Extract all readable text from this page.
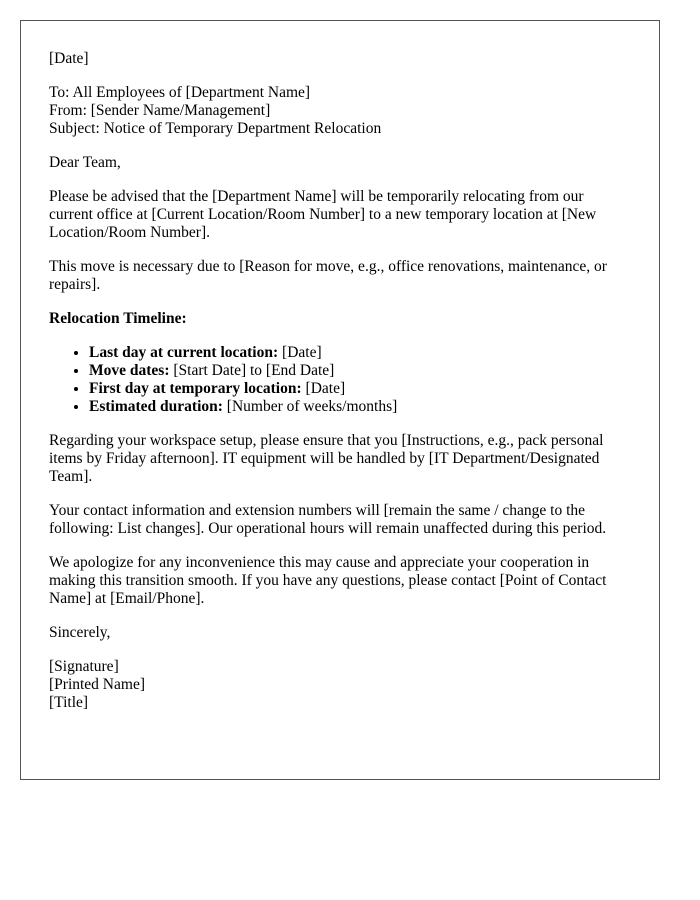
[Date]

To: All Employees of [Department Name]
From: [Sender Name/Management]
Subject: Notice of Temporary Department Relocation

Dear Team,

Please be advised that the [Department Name] will be temporarily relocating from our current office at [Current Location/Room Number] to a new temporary location at [New Location/Room Number].

This move is necessary due to [Reason for move, e.g., office renovations, maintenance, or repairs].

Relocation Timeline:

• Last day at current location: [Date]
• Move dates: [Start Date] to [End Date]
• First day at temporary location: [Date]
• Estimated duration: [Number of weeks/months]

Regarding your workspace setup, please ensure that you [Instructions, e.g., pack personal items by Friday afternoon]. IT equipment will be handled by [IT Department/Designated Team].

Your contact information and extension numbers will [remain the same / change to the following: List changes]. Our operational hours will remain unaffected during this period.

We apologize for any inconvenience this may cause and appreciate your cooperation in making this transition smooth. If you have any questions, please contact [Point of Contact Name] at [Email/Phone].

Sincerely,

[Signature]
[Printed Name]
[Title]
